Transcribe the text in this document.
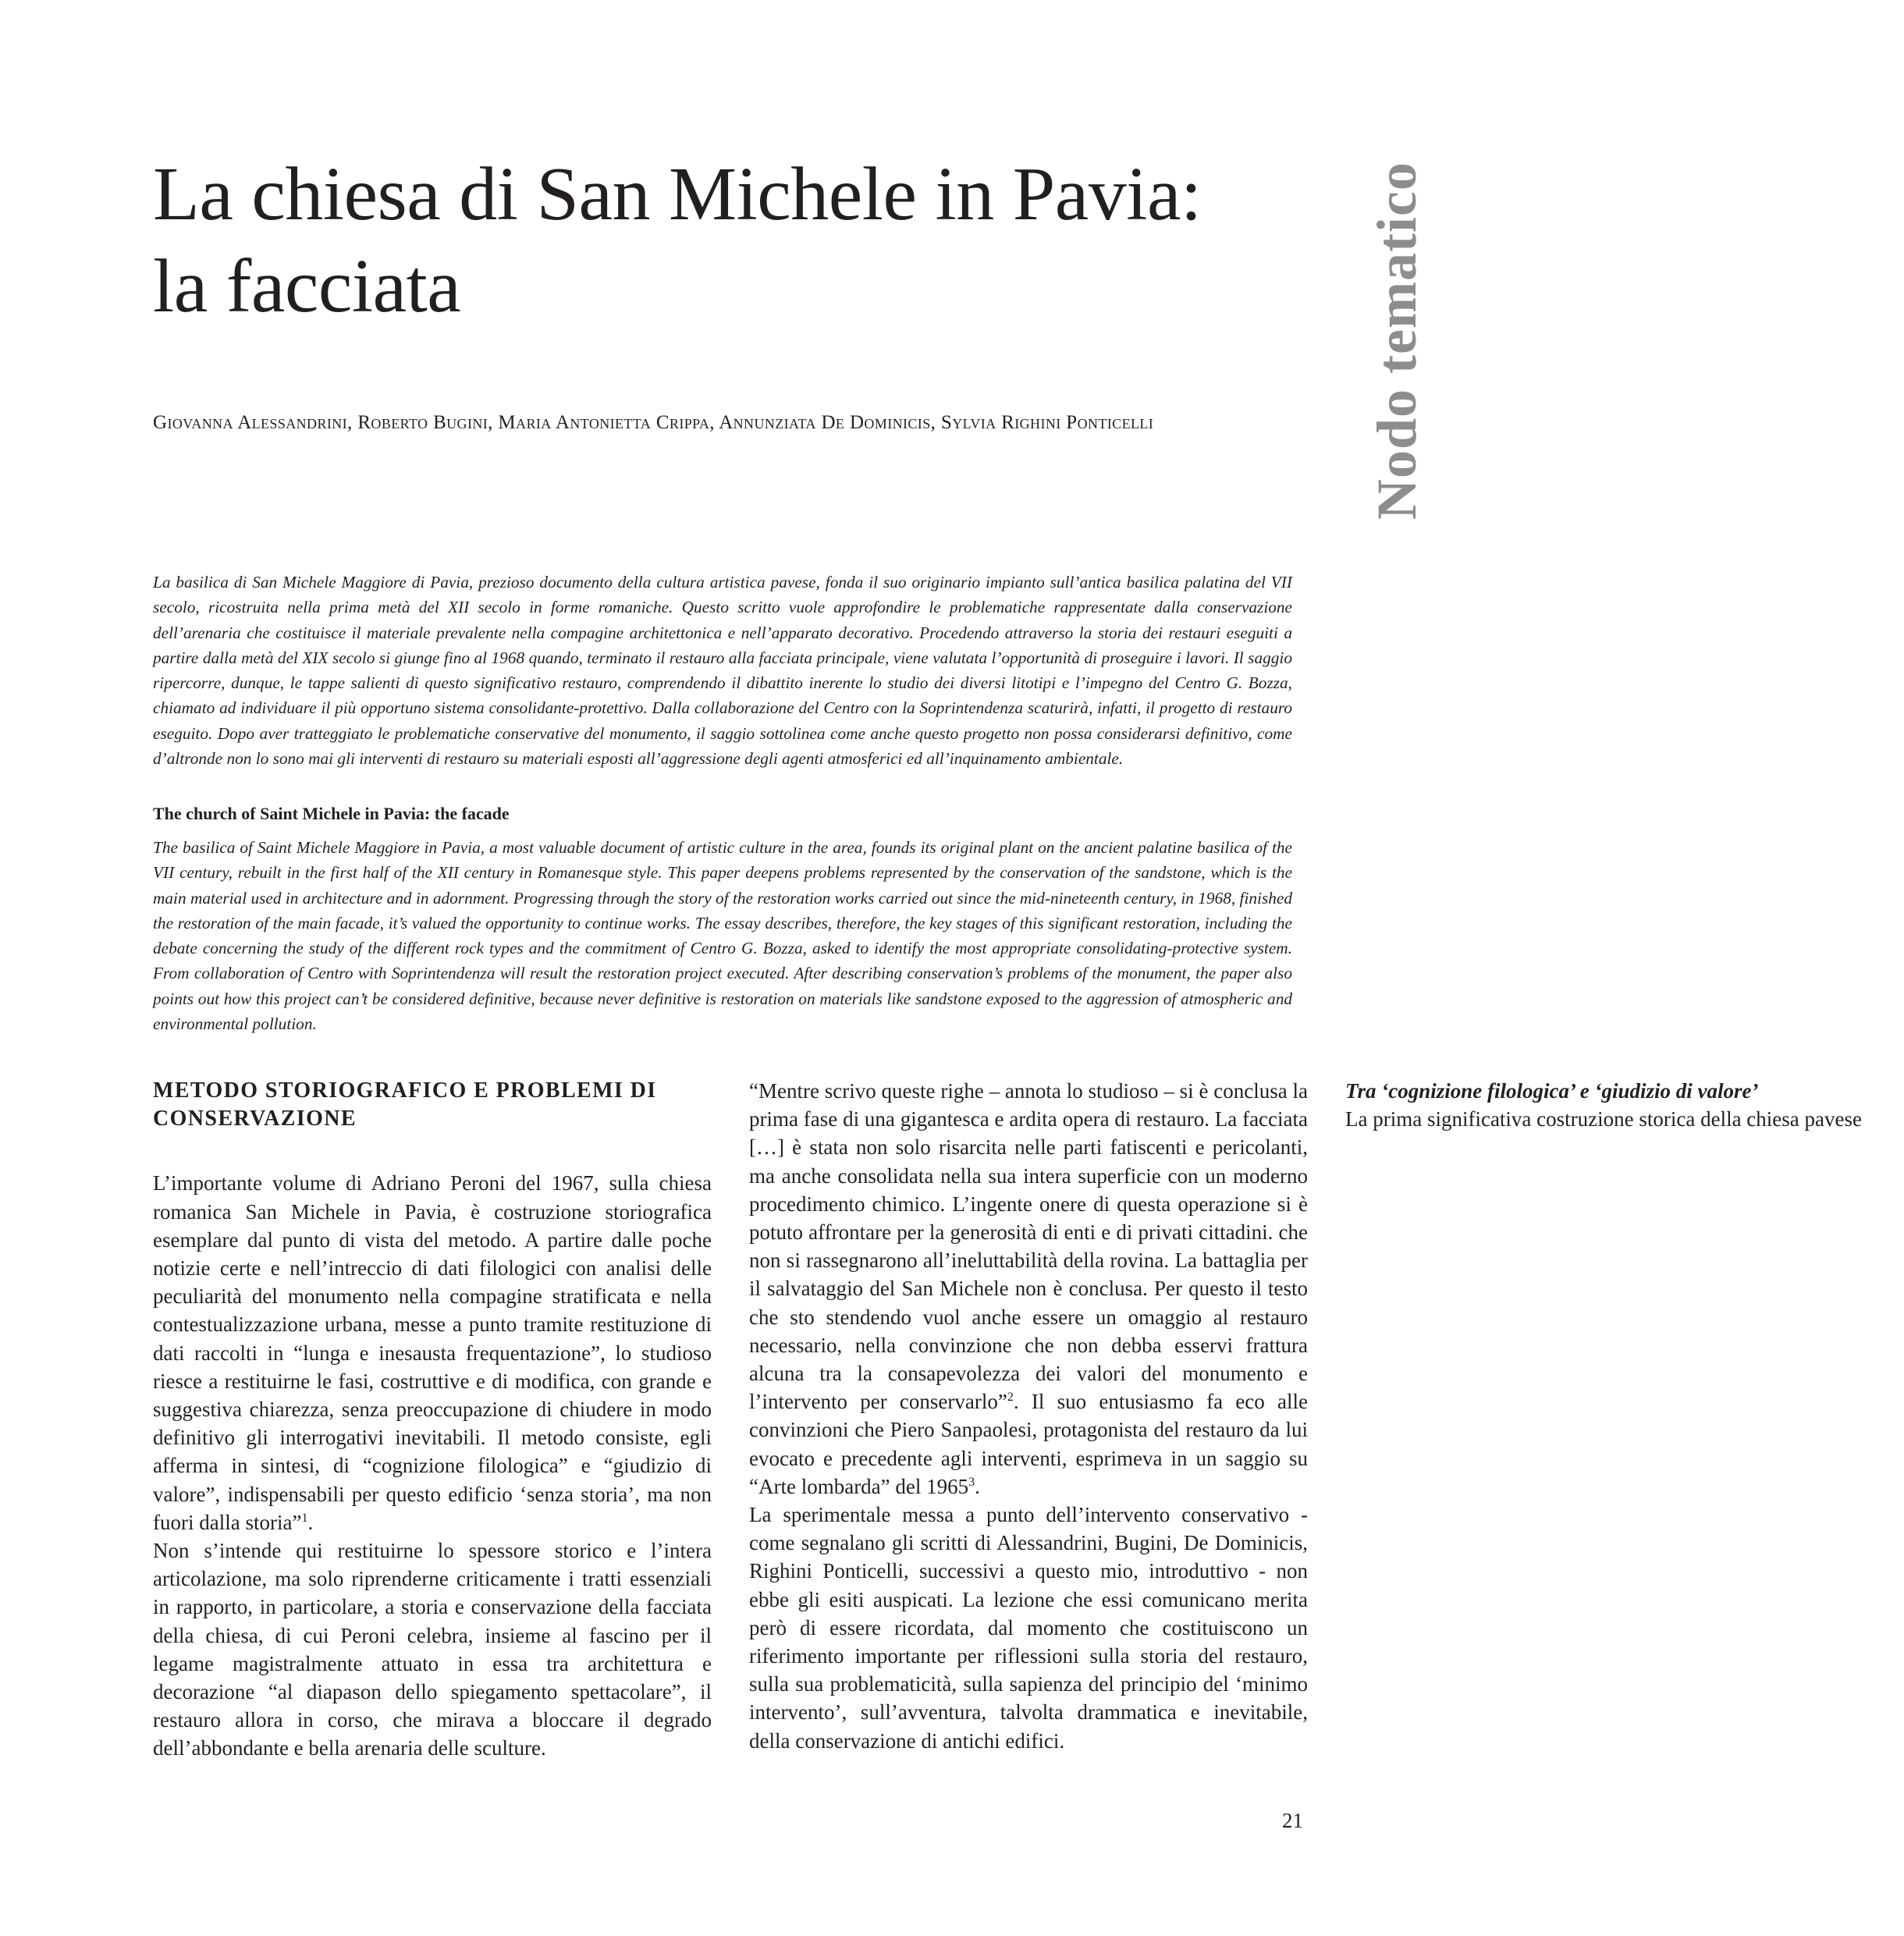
La chiesa di San Michele in Pavia:
la facciata	Nodo tematico
Giovanna Alessandrini, Roberto Bugini, Maria Antonietta Crippa, Annunziata De Dominicis, Sylvia Righini Ponticelli

La basilica di San Michele Maggiore di Pavia, prezioso documento della cultura artistica pavese, fonda il suo originario impianto sull’antica basilica palatina del VII secolo, ricostruita nella prima metà del XII secolo in forme romaniche. Questo scritto vuole approfondire le problematiche rappresentate dalla conservazione dell’arenaria che costituisce il materiale prevalente nella compagine architettonica e nell’apparato decorativo. Procedendo attraverso la storia dei restauri eseguiti a partire dalla metà del XIX secolo si giunge fino al 1968 quando, terminato il restauro alla facciata principale, viene valutata l’opportunità di proseguire i lavori. Il saggio ripercorre, dunque, le tappe salienti di questo significativo restauro, comprendendo il dibattito inerente lo studio dei diversi litotipi e l’impegno del Centro G. Bozza, chiamato ad individuare il più opportuno sistema consolidante-protettivo. Dalla collaborazione del Centro con la Soprintendenza scaturirà, infatti, il progetto di restauro eseguito. Dopo aver tratteggiato le problematiche conservative del monumento, il saggio sottolinea come anche questo progetto non possa considerarsi definitivo, come d’altronde non lo sono mai gli interventi di restauro su materiali esposti all’aggressione degli agenti atmosferici ed all’inquinamento ambientale.

The church of Saint Michele in Pavia: the facade

The basilica of Saint Michele Maggiore in Pavia, a most valuable document of artistic culture in the area, founds its original plant on the ancient palatine basilica of the VII century, rebuilt in the first half of the XII century in Romanesque style. This paper deepens problems represented by the conservation of the sandstone, which is the main material used in architecture and in adornment. Progressing through the story of the restoration works carried out since the mid-nineteenth century, in 1968, finished the restoration of the main facade, it’s valued the opportunity to continue works. The essay describes, therefore, the key stages of this significant restoration, including the debate concerning the study of the different rock types and the commitment of Centro G. Bozza, asked to identify the most appropriate consolidating-protective system. From collaboration of Centro with Soprintendenza will result the restoration project executed. After describing conservation’s problems of the monument, the paper also points out how this project can’t be considered definitive, because never definitive is restoration on materials like sandstone exposed to the aggression of atmospheric and environmental pollution.

METODO STORIOGRAFICO E PROBLEMI DI CONSERVAZIONE

L’importante volume di Adriano Peroni del 1967, sulla chiesa romanica San Michele in Pavia, è costruzione storiografica esemplare dal punto di vista del metodo. A partire dalle poche notizie certe e nell’intreccio di dati filologici con analisi delle peculiarità del monumento nella compagine stratificata e nella contestualizzazione urbana, messe a punto tramite restituzione di dati raccolti in “lunga e inesausta frequentazione”, lo studioso riesce a restituirne le fasi, costruttive e di modifica, con grande e suggestiva chiarezza, senza preoccupazione di chiudere in modo definitivo gli interrogativi inevitabili. Il metodo consiste, egli afferma in sintesi, di “cognizione filologica” e “giudizio di valore”, indispensabili per questo edificio ‘senza storia’, ma non fuori dalla storia”$^1$.

Non s’intende qui restituirne lo spessore storico e l’intera articolazione, ma solo riprenderne criticamente i tratti essenziali in rapporto, in particolare, a storia e conservazione della facciata della chiesa, di cui Peroni celebra, insieme al fascino per il legame magistralmente attuato in essa tra architettura e decorazione “al diapason dello spiegamento spettacolare”, il restauro allora in corso, che mirava a bloccare il degrado dell’abbondante e bella arenaria delle sculture.

“Mentre scrivo queste righe – annota lo studioso – si è conclusa la prima fase di una gigantesca e ardita opera di restauro. La facciata […] è stata non solo risarcita nelle parti fatiscenti e pericolanti, ma anche consolidata nella sua intera superficie con un moderno procedimento chimico. L’ingente onere di questa operazione si è potuto affrontare per la generosità di enti e di privati cittadini. che non si rassegnarono all’ineluttabilità della rovina. La battaglia per il salvataggio del San Michele non è conclusa. Per questo il testo che sto stendendo vuol anche essere un omaggio al restauro necessario, nella convinzione che non debba esservi frattura alcuna tra la consapevolezza dei valori del monumento e l’intervento per conservarlo”$^2$. Il suo entusiasmo fa eco alle convinzioni che Piero Sanpaolesi, protagonista del restauro da lui evocato e precedente agli interventi, esprimeva in un saggio su “Arte lombarda” del 1965$^3$.

La sperimentale messa a punto dell’intervento conservativo - come segnalano gli scritti di Alessandrini, Bugini, De Dominicis, Righini Ponticelli, successivi a questo mio, introduttivo - non ebbe gli esiti auspicati. La lezione che essi comunicano merita però di essere ricordata, dal momento che costituiscono un riferimento importante per riflessioni sulla storia del restauro, sulla sua problematicità, sulla sapienza del principio del ‘minimo intervento’, sull’avventura, talvolta drammatica e inevitabile, della conservazione di antichi edifici.

Tra ‘cognizione filologica’ e ‘giudizio di valore’

La prima significativa costruzione storica della chiesa pavese

21
